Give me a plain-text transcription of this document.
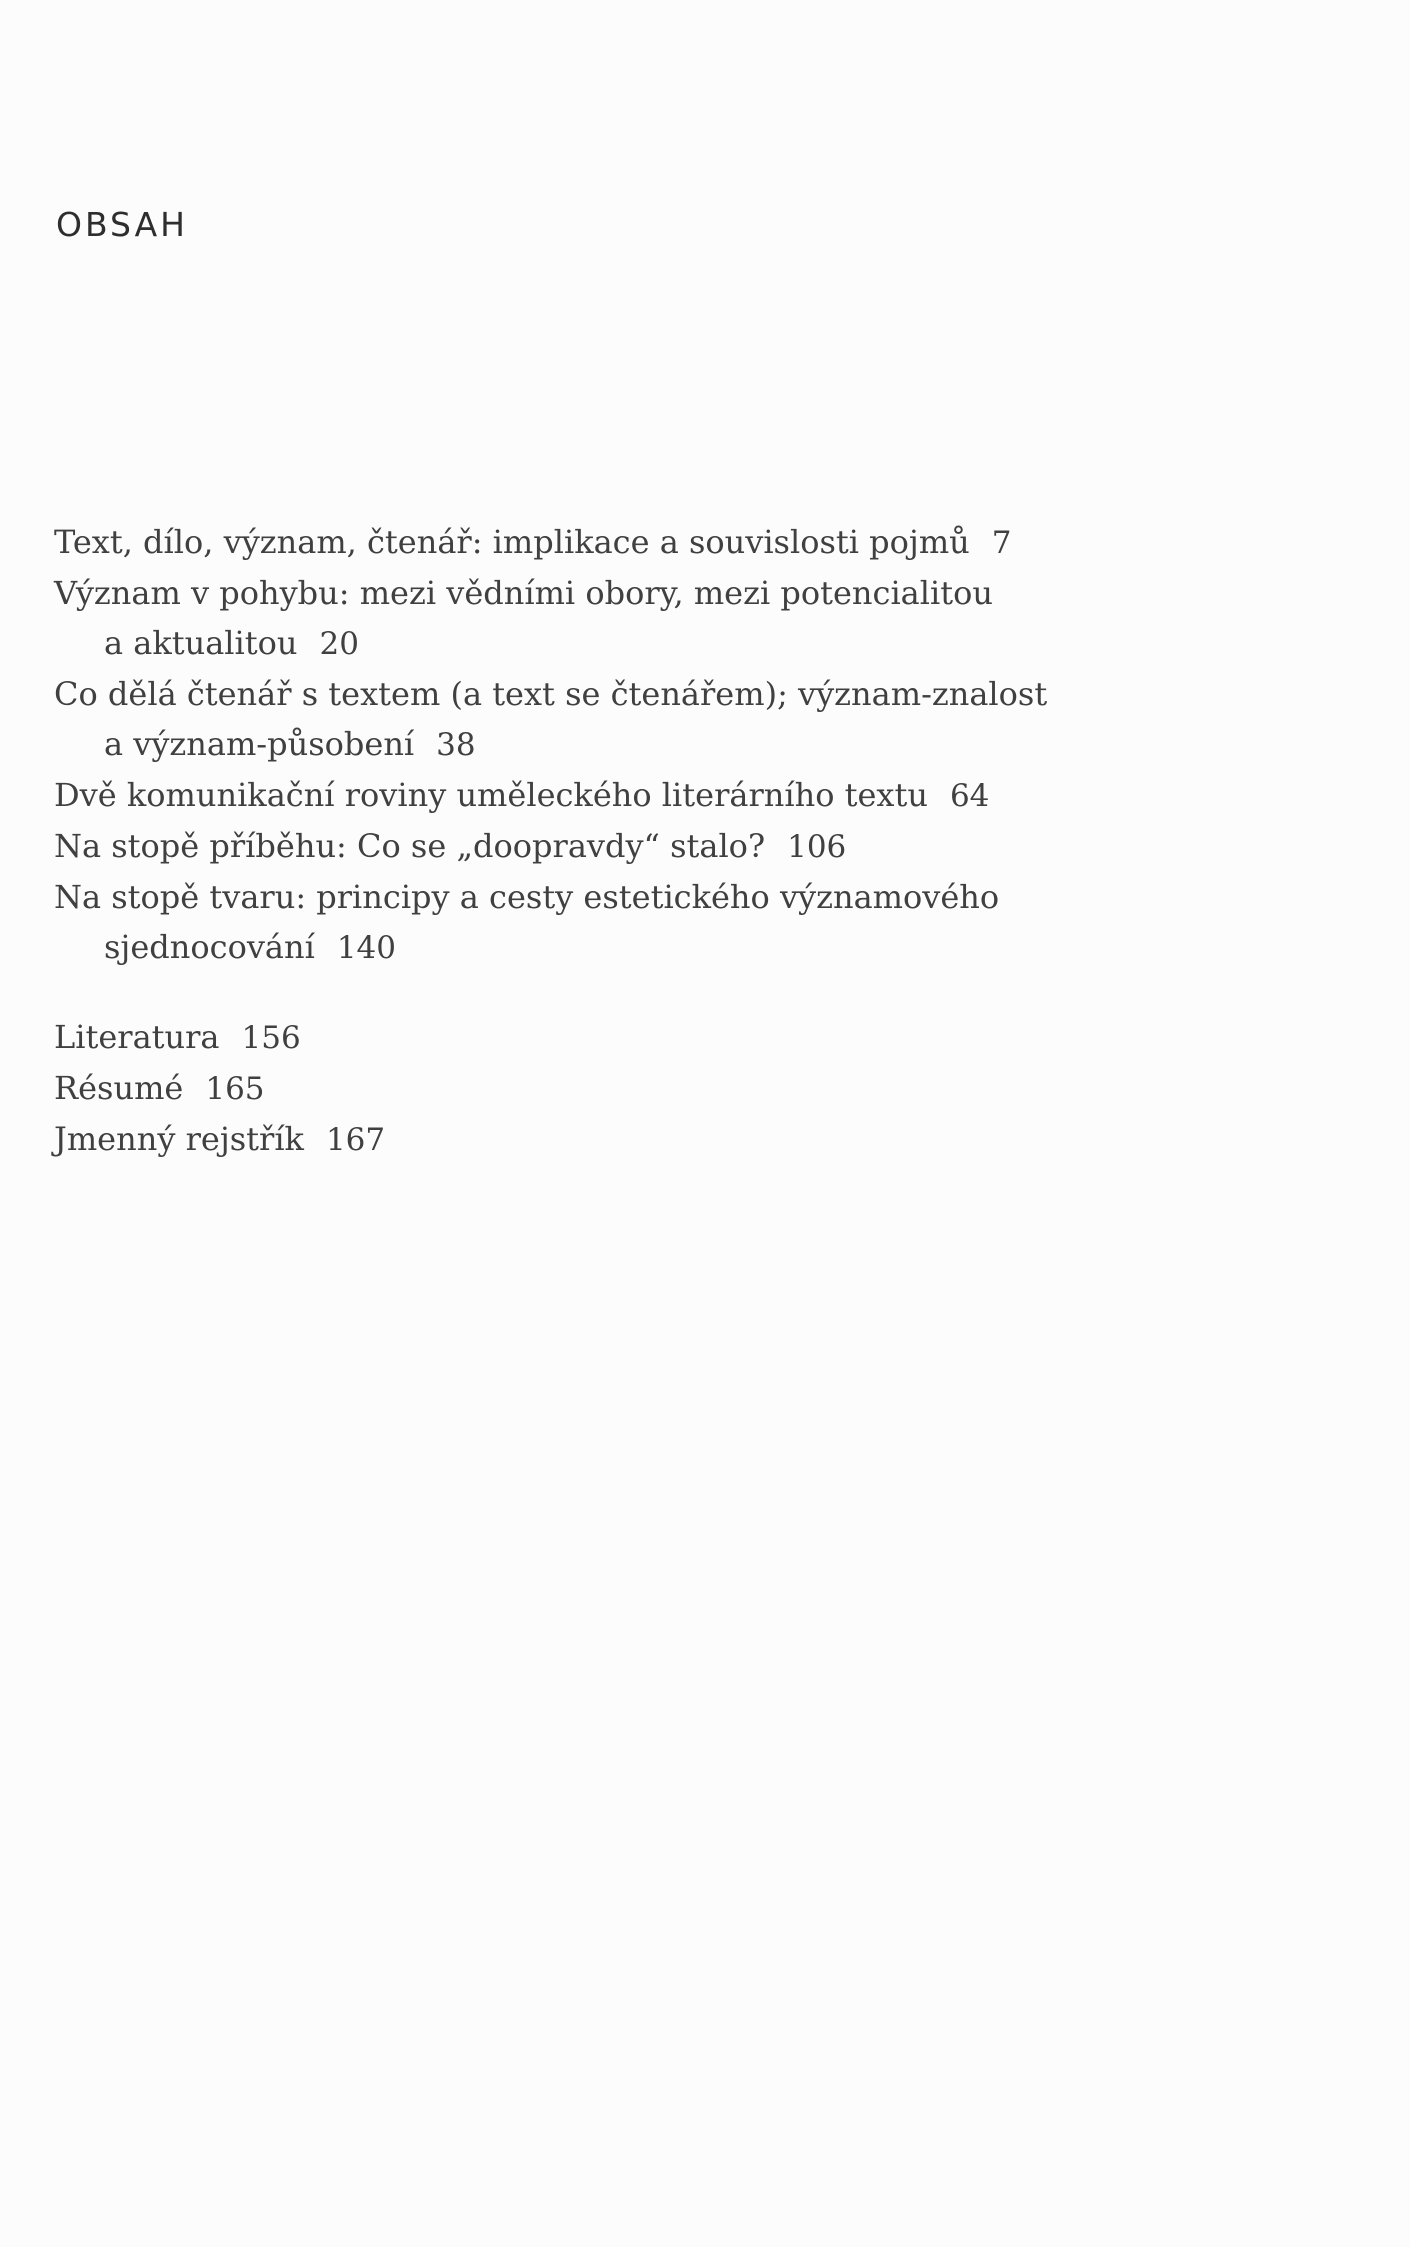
OBSAH
Text, dílo, význam, čtenář: implikace a souvislosti pojmů 7
Význam v pohybu: mezi vědními obory, mezi potencialitou
a aktualitou 20
Co dělá čtenář s textem (a text se čtenářem); význam-znalost
a význam-působení 38
Dvě komunikační roviny uměleckého literárního textu 64
Na stopě příběhu: Co se „doopravdy“ stalo? 106
Na stopě tvaru: principy a cesty estetického významového
sjednocování 140
Literatura 156
Résumé 165
Jmenný rejstřík 167
